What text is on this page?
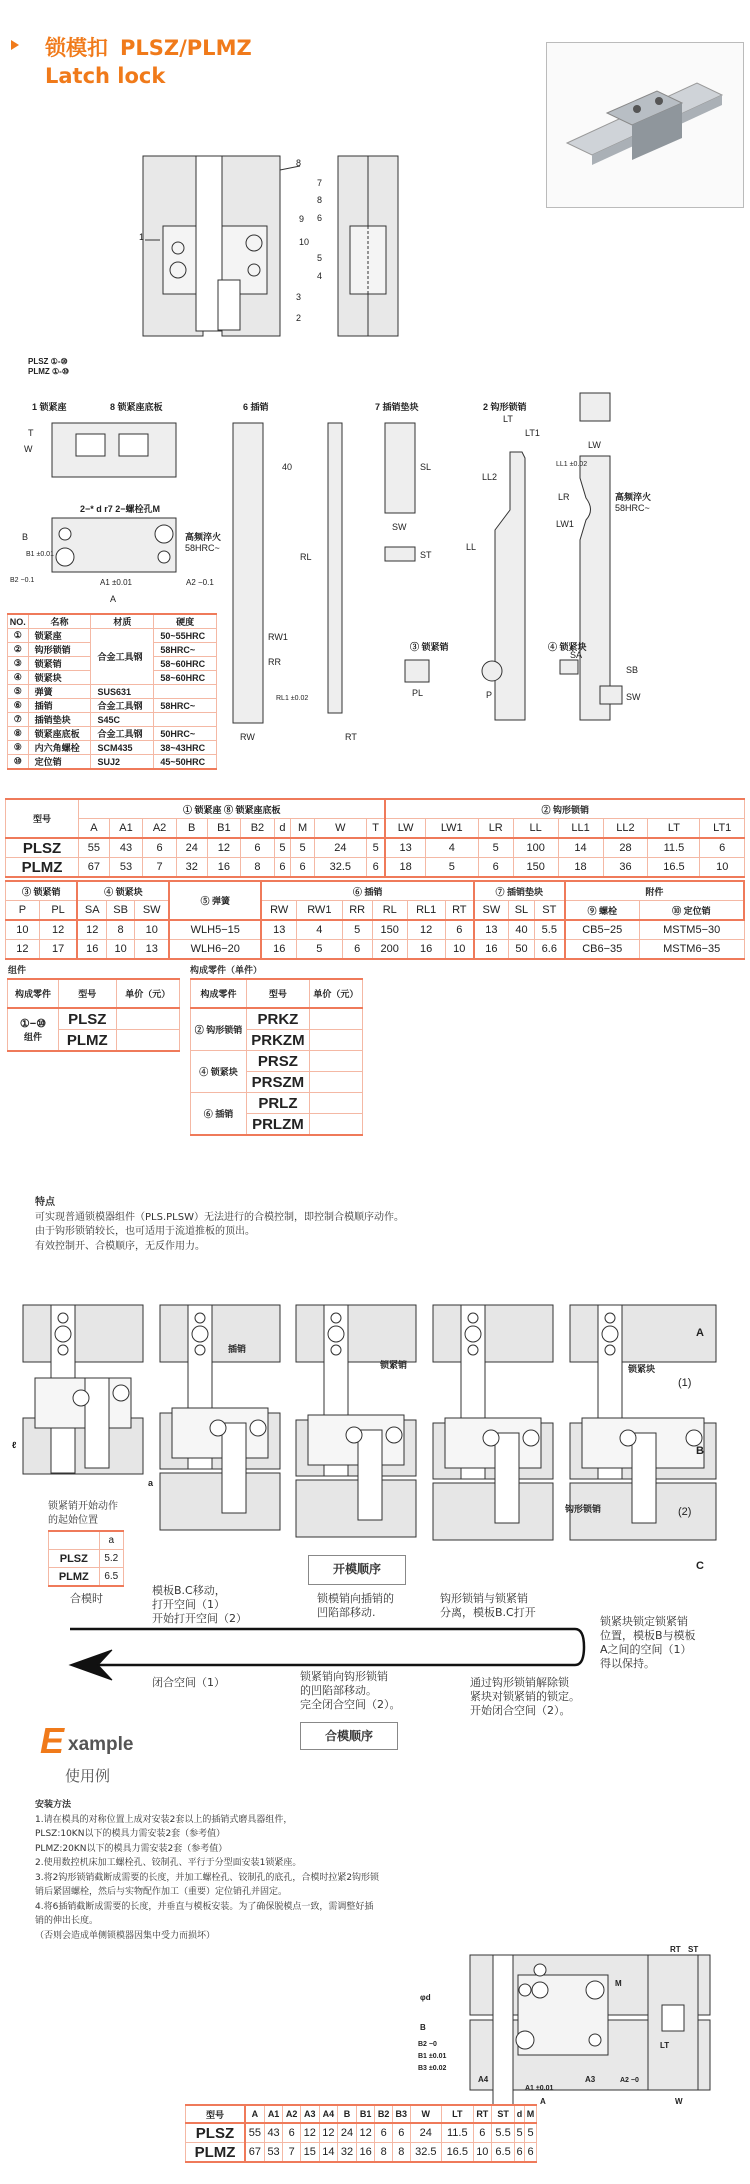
8
1
9
10
3
2
7
8
6
5
4
PLSZ ①-⑩
PLMZ ①-⑩
1 锁紧座	8 锁紧座底板	6 插销	7 插销垫块	2 钩形锁销
③ 锁紧销	④ 锁紧块
2−* d r7 2−螺栓孔M
高频淬火
58HRC~
高频淬火
58HRC~
T
W
B
B1 ±0.01
B2 −0.1	A1 ±0.01
A
A2 −0.1
40
RL
RL1 ±0.02
RW
RW1
RR
RT
SL
SW
ST
LT
LT1
LL2
LL
LL1 ±0.02
LR
LW
LW1
SA
SB
SW
PL	P
插销
锁紧销	锁紧块
钩形锁销
A
B
C
(1)
(2)
ℓ
a
RT ST
M
φd
B
B1 ±0.01
B3 ±0.02
B2 −0
A4
A1 ±0.01
A3	A2 −0
A
LT
W
锁模扣 PLSZ/PLMZ
Latch lock
NO.	名称	材质	硬度
①	锁紧座	合金工具钢	50~55HRC
②	钩形锁销		58HRC~
③	锁紧销		58~60HRC
④	锁紧块		58~60HRC
⑤	弹簧	SUS631	
⑥	插销	合金工具钢	58HRC~
⑦	插销垫块	S45C	
⑧	锁紧座底板	合金工具钢	50HRC~
⑨	内六角螺栓	SCM435	38~43HRC
⑩	定位销	SUJ2	45~50HRC
型号	① 锁紧座 ⑧ 锁紧座底板										② 钩形锁销							
	A	A1	A2	B	B1	B2	d	M	W	T	LW	LW1	LR	LL	LL1	LL2	LT	LT1
PLSZ	55	43	6	24	12	6	5	5	24	5	13	4	5	100	14	28	11.5	6
PLMZ	67	53	7	32	16	8	6	6	32.5	6	18	5	6	150	18	36	16.5	10
③ 锁紧销		④ 锁紧块			⑤ 弹簧	⑥ 插销						⑦ 插销垫块			附件	
P	PL	SA	SB	SW		RW	RW1	RR	RL	RL1	RT	SW	SL	ST	⑨ 螺栓	⑩ 定位销
10	12	12	8	10	WLH5−15	13	4	5	150	12	6	13	40	5.5	CB5−25	MSTM5−30
12	17	16	10	13	WLH6−20	16	5	6	200	16	10	16	50	6.6	CB6−35	MSTM6−35
组件
构成零件	型号	单价（元）

①−⑩
组件	PLSZ	
	PLMZ	
构成零件（单件）
构成零件	型号	单价（元）
② 钩形锁销	PRKZ	
	PRKZM	
④ 锁紧块	PRSZ	
	PRSZM	
⑥ 插销	PRLZ	
	PRLZM	
特点
可实现普通锁模器组件（PLS.PLSW）无法进行的合模控制，即控制合模顺序动作。
由于钩形锁销较长，也可适用于流道推板的顶出。
有效控制开、合模顺序，无反作用力。
锁紧销开始动作
的起始位置
	a
PLSZ	5.2
PLMZ	6.5
开模顺序
合模顺序
合模时
模板B.C移动，
打开空间（1）
开始打开空间（2）
锁模销向插销的
凹陷部移动.
钩形锁销与锁紧销
分离，模板B.C打开
锁紧块锁定锁紧销
位置，模板B与模板
A之间的空间（1）
得以保持。
闭合空间（1）	锁紧销向钩形锁销
的凹陷部移动。
完全闭合空间（2）。
通过钩形锁销解除锁
紧块对锁紧销的锁定。
开始闭合空间（2）。
E xample
使用例
安装方法
1.请在模具的对称位置上成对安装2套以上的插销式磨具器组件，
PLSZ:10KN以下的模具力需安装2套（参考值）
PLMZ:20KN以下的模具力需安装2套（参考值）
2.使用数控机床加工螺栓孔、铰制孔、平行于分型面安装1锁紧座。
3.将2钩形锁销截断成需要的长度，并加工螺栓孔、铰制孔的底孔，合模时拉紧2钩形锁
销后紧固螺栓，然后与实物配作加工（重要）定位销孔并固定。
4.将6插销截断成需要的长度，并垂直与模板安装。为了确保脱模点一致，需调整好插
销的伸出长度。
（否则会造成单侧锁模器因集中受力而损坏）
型号	A	A1	A2	A3	A4	B	B1	B2	B3	W	LT	RT	ST	d	M
PLSZ	55	43	6	12	12	24	12	6	6	24	11.5	6	5.5	5	5
PLMZ	67	53	7	15	14	32	16	8	8	32.5	16.5	10	6.5	6	6
